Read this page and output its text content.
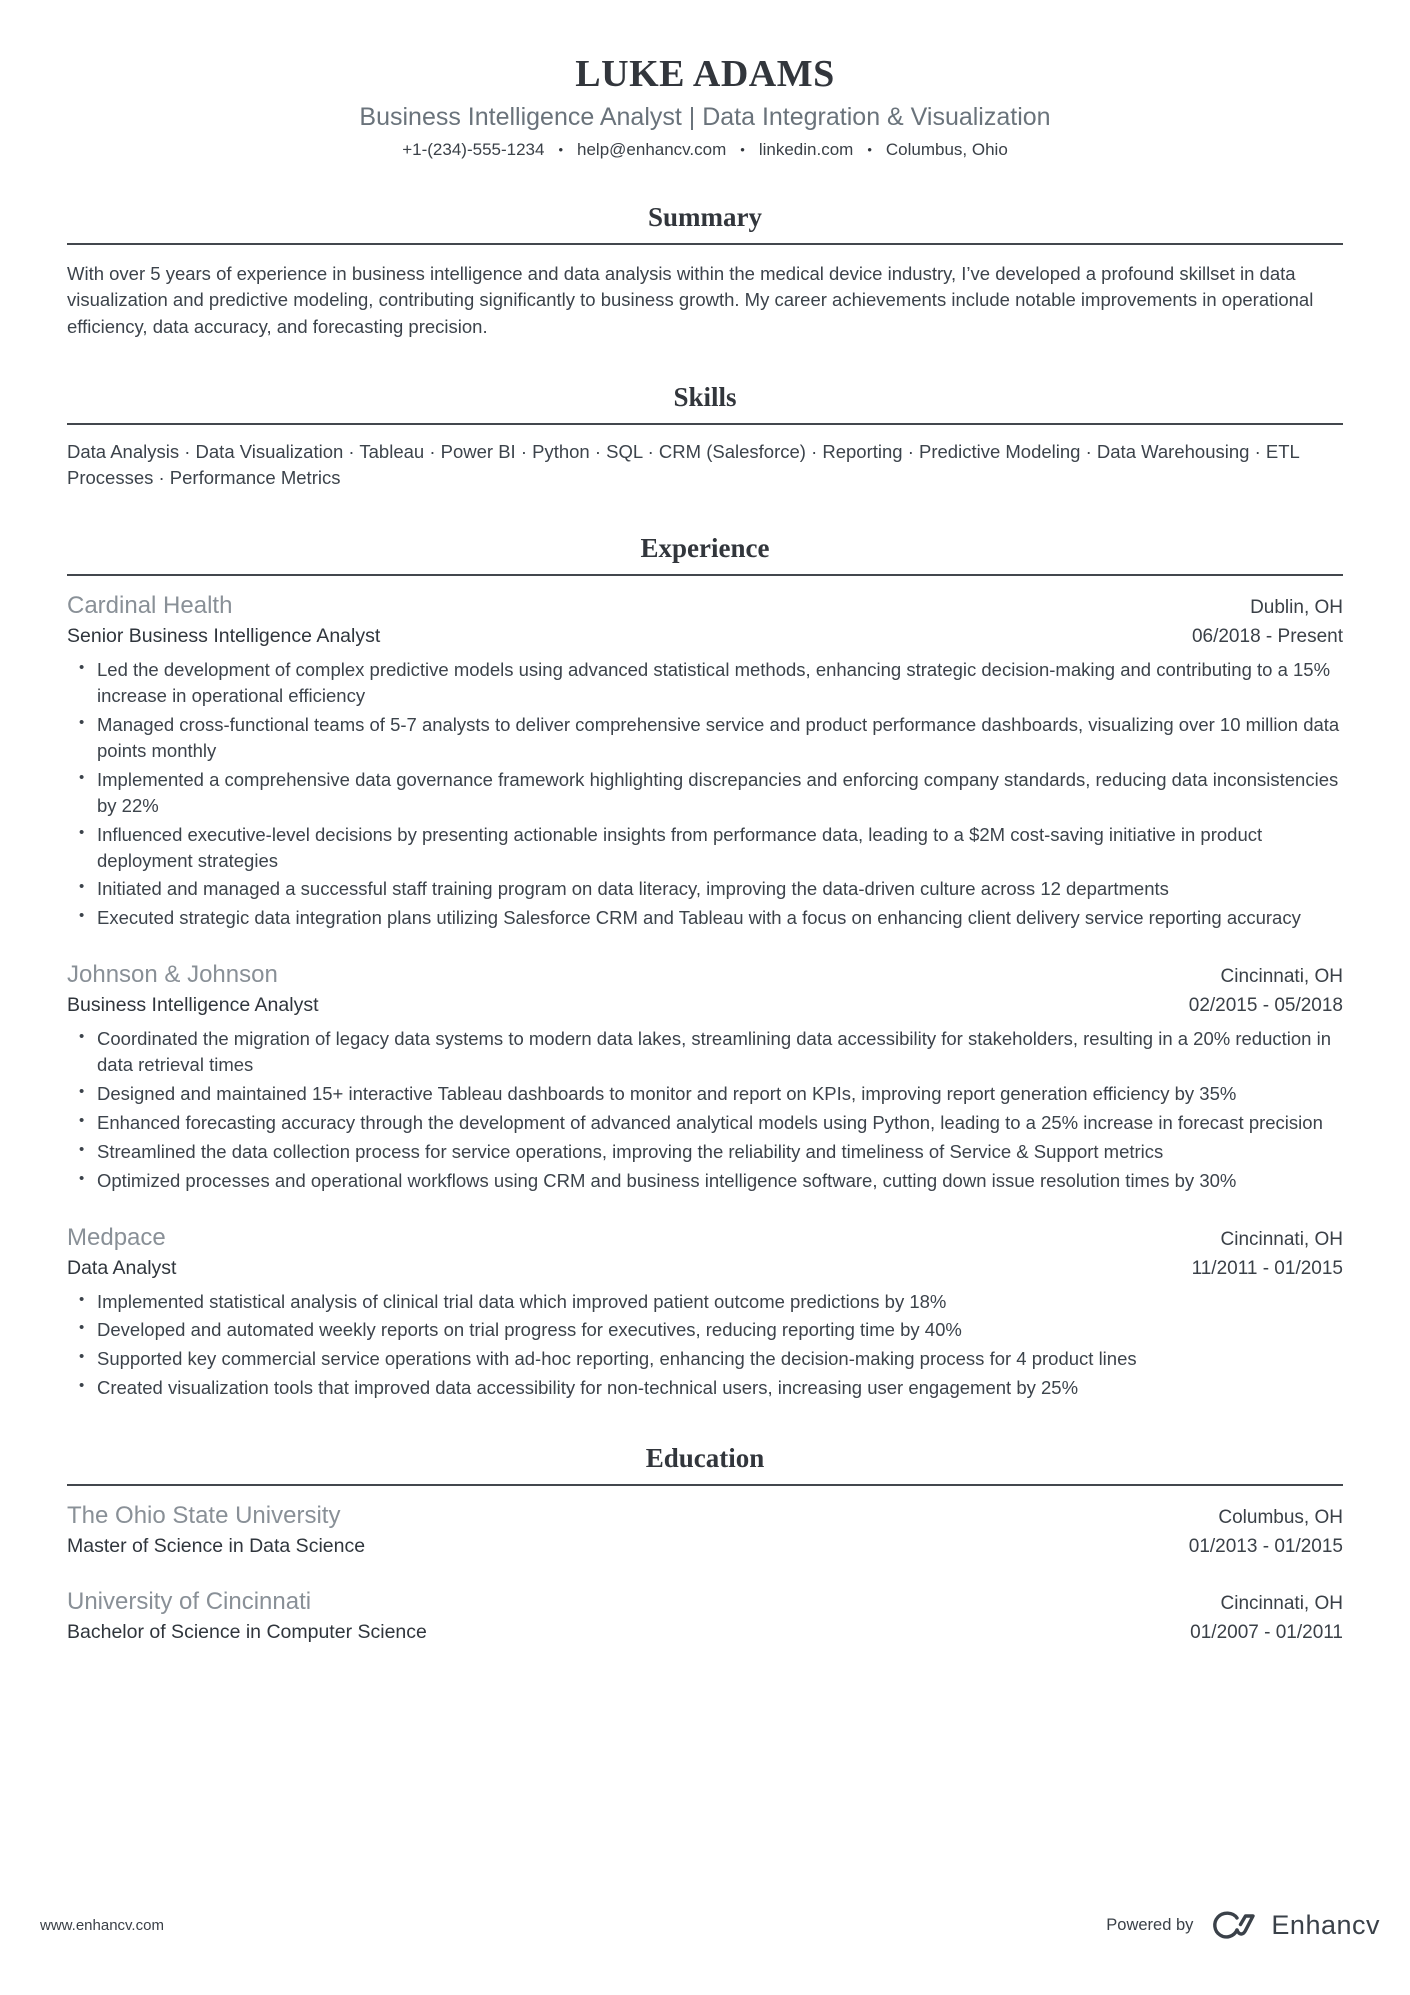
LUKE ADAMS
Business Intelligence Analyst | Data Integration & Visualization
+1-(234)-555-1234	• help@enhancv.com	• linkedin.com	• Columbus, Ohio
Summary

With over 5 years of experience in business intelligence and data analysis within the medical device industry, I’ve developed a profound skillset in data visualization and predictive modeling, contributing significantly to business growth. My career achievements include notable improvements in operational efficiency, data accuracy, and forecasting precision.

Skills

Data Analysis · Data Visualization · Tableau · Power BI · Python · SQL · CRM (Salesforce) · Reporting · Predictive Modeling · Data Warehousing · ETL Processes · Performance Metrics

Experience
Cardinal Health	Dublin, OH
Senior Business Intelligence Analyst	06/2018 - Present
• Led the development of complex predictive models using advanced statistical methods, enhancing strategic decision-making and contributing to a 15% increase in operational efficiency
• Managed cross-functional teams of 5-7 analysts to deliver comprehensive service and product performance dashboards, visualizing over 10 million data points monthly
• Implemented a comprehensive data governance framework highlighting discrepancies and enforcing company standards, reducing data inconsistencies by 22%
• Influenced executive-level decisions by presenting actionable insights from performance data, leading to a $2M cost-saving initiative in product deployment strategies
• Initiated and managed a successful staff training program on data literacy, improving the data-driven culture across 12 departments
• Executed strategic data integration plans utilizing Salesforce CRM and Tableau with a focus on enhancing client delivery service reporting accuracy
Johnson & Johnson	Cincinnati, OH
Business Intelligence Analyst	02/2015 - 05/2018
• Coordinated the migration of legacy data systems to modern data lakes, streamlining data accessibility for stakeholders, resulting in a 20% reduction in data retrieval times
• Designed and maintained 15+ interactive Tableau dashboards to monitor and report on KPIs, improving report generation efficiency by 35%
• Enhanced forecasting accuracy through the development of advanced analytical models using Python, leading to a 25% increase in forecast precision
• Streamlined the data collection process for service operations, improving the reliability and timeliness of Service & Support metrics
• Optimized processes and operational workflows using CRM and business intelligence software, cutting down issue resolution times by 30%
Medpace	Cincinnati, OH
Data Analyst	11/2011 - 01/2015
• Implemented statistical analysis of clinical trial data which improved patient outcome predictions by 18%
• Developed and automated weekly reports on trial progress for executives, reducing reporting time by 40%
• Supported key commercial service operations with ad-hoc reporting, enhancing the decision-making process for 4 product lines
• Created visualization tools that improved data accessibility for non-technical users, increasing user engagement by 25%
Education
The Ohio State University	Columbus, OH
Master of Science in Data Science	01/2013 - 01/2015
University of Cincinnati	Cincinnati, OH
Bachelor of Science in Computer Science	01/2007 - 01/2011
www.enhancv.com	Powered by	Enhancv
